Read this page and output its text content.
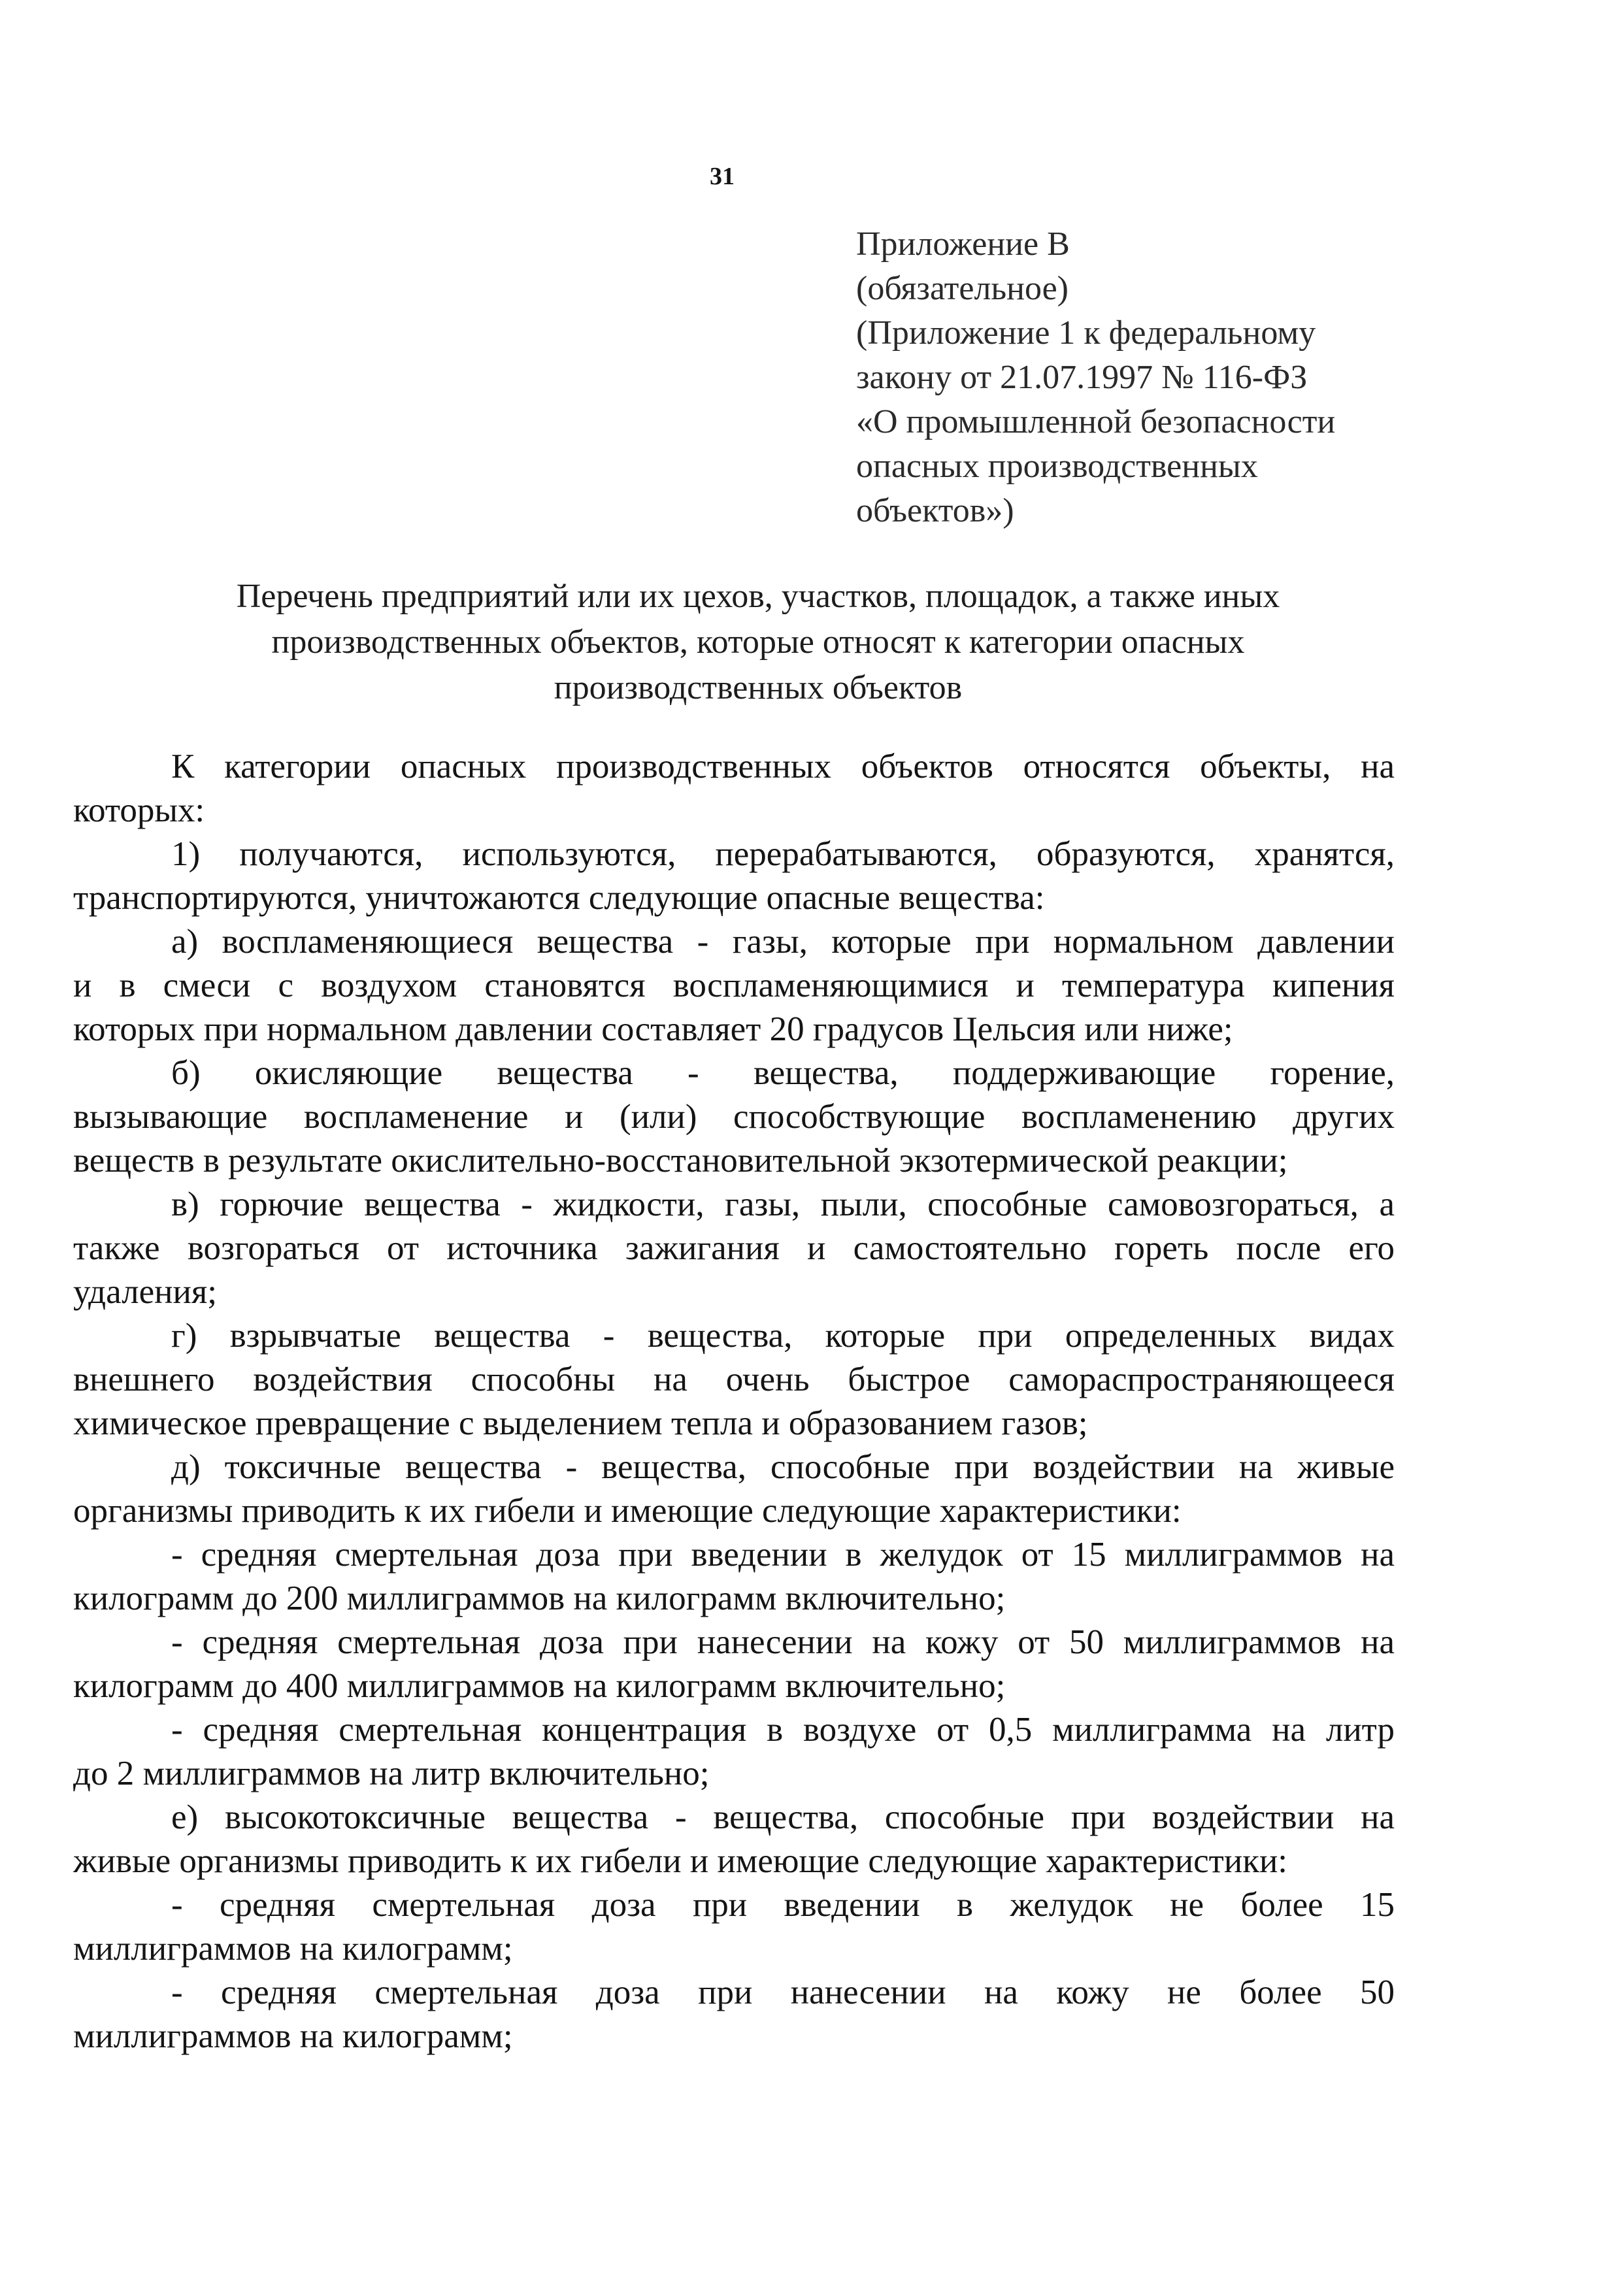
31
Приложение В
(обязательное)
(Приложение 1 к федеральному
закону от 21.07.1997 № 116-ФЗ
«О промышленной безопасности
опасных производственных
объектов»)
Перечень предприятий или их цехов, участков, площадок, а также иных
производственных объектов, которые относят к категории опасных
производственных объектов
К категории опасных производственных объектов относятся объекты, на
которых:
1) получаются, используются, перерабатываются, образуются, хранятся,
транспортируются, уничтожаются следующие опасные вещества:
а) воспламеняющиеся вещества - газы, которые при нормальном давлении
и в смеси с воздухом становятся воспламеняющимися и температура кипения
которых при нормальном давлении составляет 20 градусов Цельсия или ниже;
б) окисляющие вещества - вещества, поддерживающие горение,
вызывающие воспламенение и (или) способствующие воспламенению других
веществ в результате окислительно-восстановительной экзотермической реакции;
в) горючие вещества - жидкости, газы, пыли, способные самовозгораться, а
также возгораться от источника зажигания и самостоятельно гореть после его
удаления;
г) взрывчатые вещества - вещества, которые при определенных видах
внешнего воздействия способны на очень быстрое самораспространяющееся
химическое превращение с выделением тепла и образованием газов;
д) токсичные вещества - вещества, способные при воздействии на живые
организмы приводить к их гибели и имеющие следующие характеристики:
- средняя смертельная доза при введении в желудок от 15 миллиграммов на
килограмм до 200 миллиграммов на килограмм включительно;
- средняя смертельная доза при нанесении на кожу от 50 миллиграммов на
килограмм до 400 миллиграммов на килограмм включительно;
- средняя смертельная концентрация в воздухе от 0,5 миллиграмма на литр
до 2 миллиграммов на литр включительно;
е) высокотоксичные вещества - вещества, способные при воздействии на
живые организмы приводить к их гибели и имеющие следующие характеристики:
- средняя смертельная доза при введении в желудок не более 15
миллиграммов на килограмм;
- средняя смертельная доза при нанесении на кожу не более 50
миллиграммов на килограмм;
